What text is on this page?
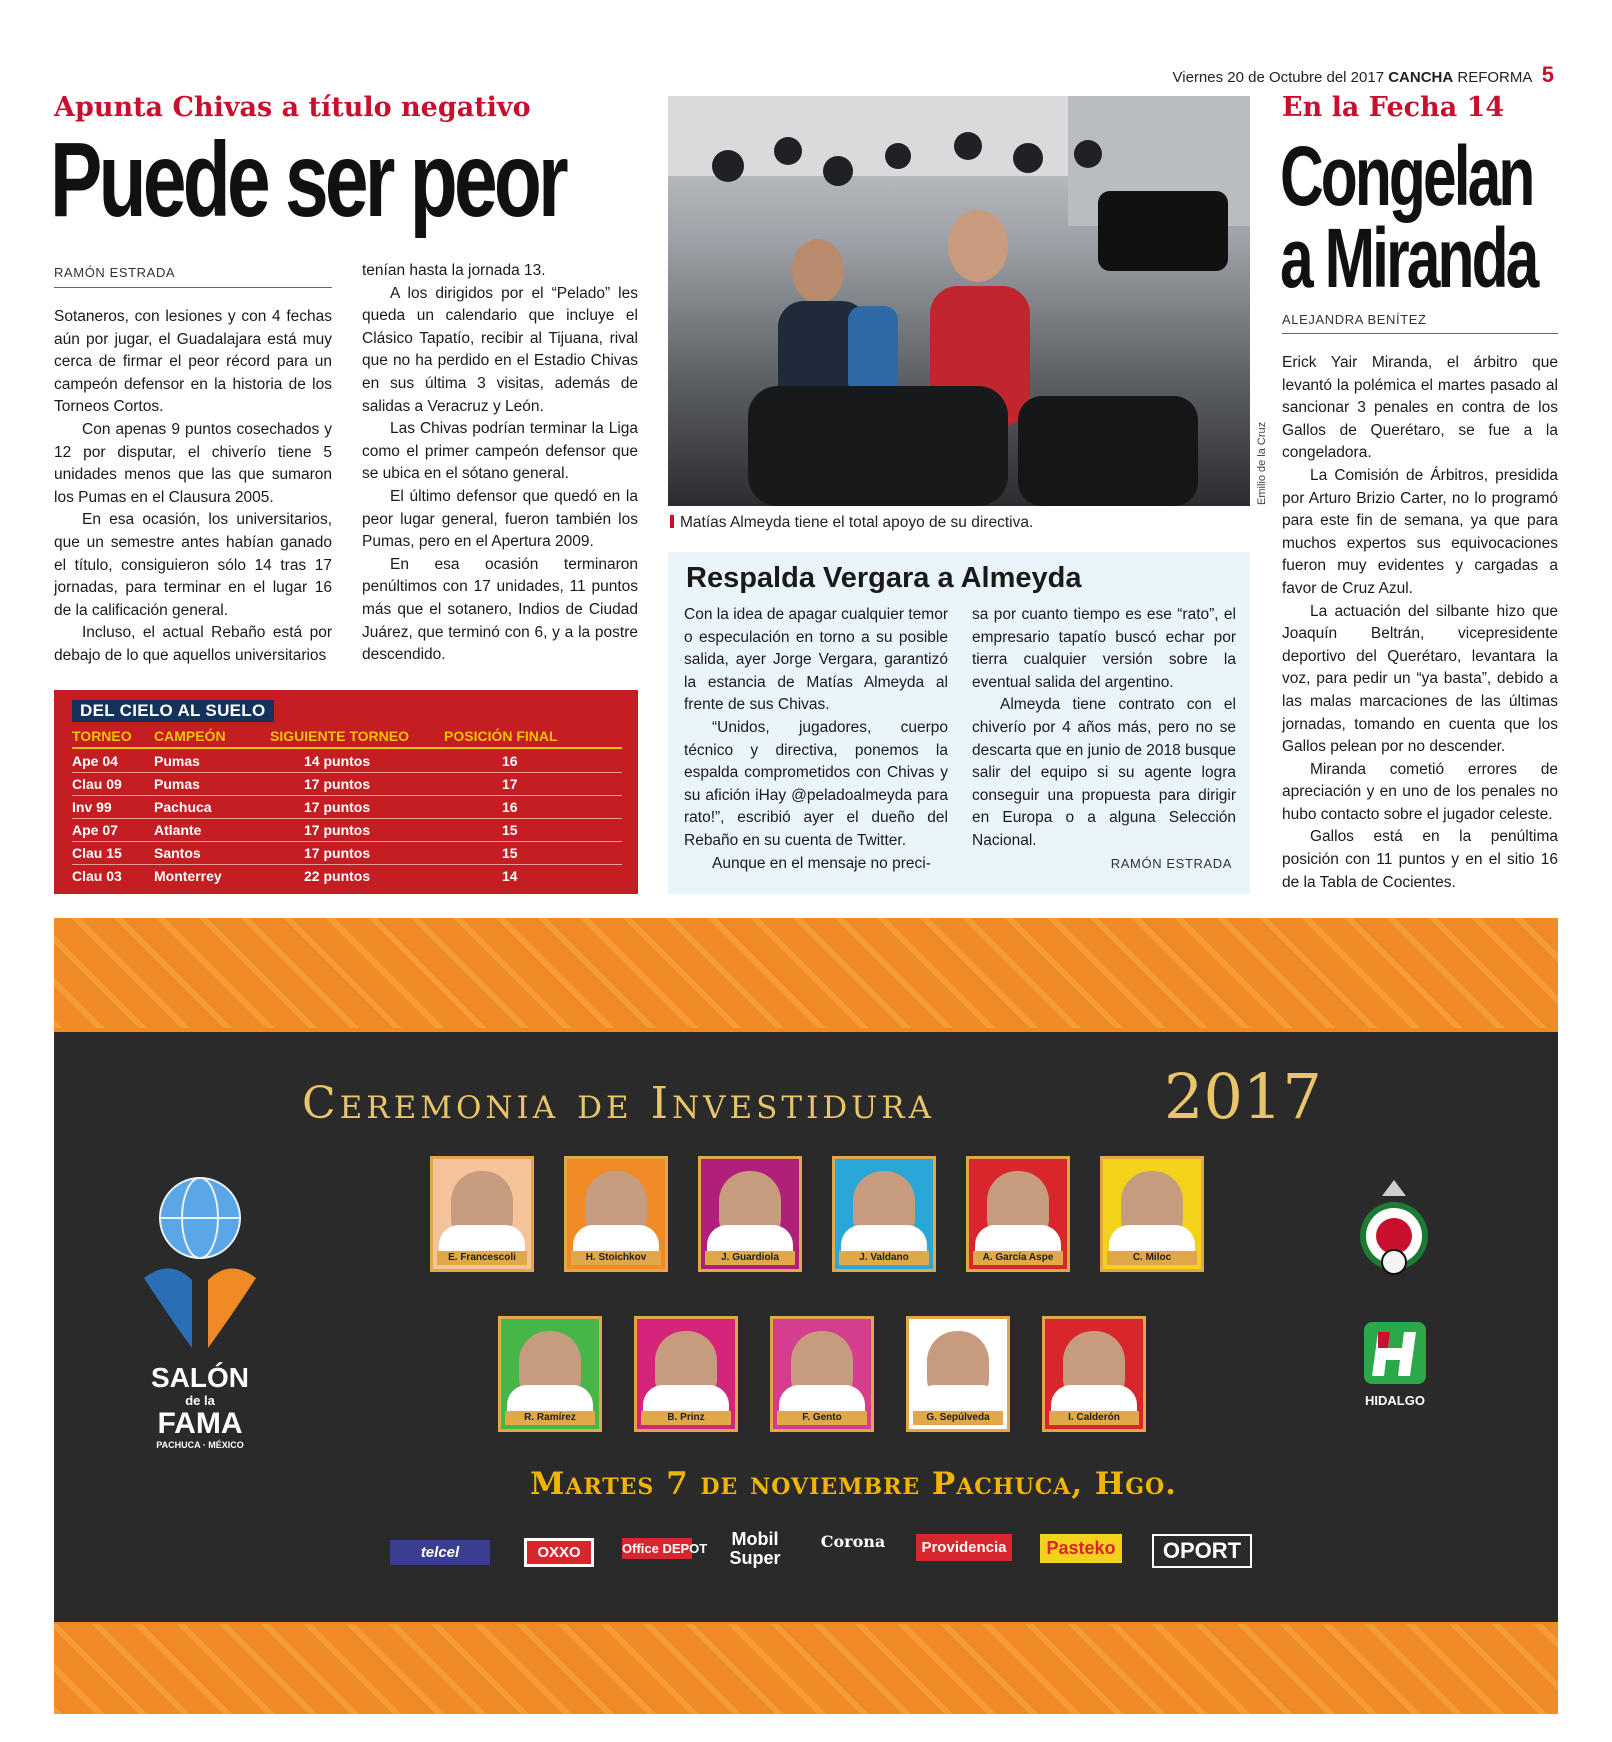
Viernes 20 de Octubre del 2017 CANCHA REFORMA 5
Apunta Chivas a título negativo
Puede ser peor
RAMÓN ESTRADA

Sotaneros, con lesiones y con 4 fechas aún por jugar, el Guadalajara está muy cerca de firmar el peor récord para un campeón defensor en la historia de los Torneos Cortos.

Con apenas 9 puntos cosechados y 12 por disputar, el chiverío tiene 5 unidades menos que las que sumaron los Pumas en el Clausura 2005.

En esa ocasión, los universitarios, que un semestre antes habían ganado el título, consiguieron sólo 14 tras 17 jornadas, para terminar en el lugar 16 de la calificación general.

Incluso, el actual Rebaño está por debajo de lo que aquellos universitarios

tenían hasta la jornada 13.

A los dirigidos por el “Pelado” les queda un calendario que incluye el Clásico Tapatío, recibir al Tijuana, rival que no ha perdido en el Estadio Chivas en sus última 3 visitas, además de salidas a Veracruz y León.

Las Chivas podrían terminar la Liga como el primer campeón defensor que se ubica en el sótano general.

El último defensor que quedó en la peor lugar general, fueron también los Pumas, pero en el Apertura 2009.

En esa ocasión terminaron penúltimos con 17 unidades, 11 puntos más que el sotanero, Indios de Ciudad Juárez, que terminó con 6, y a la postre descendido.

DEL CIELO AL SUELO
TORNEO CAMPEÓN	SIGUIENTE TORNEO	POSICIÓN FINAL
Ape 04	Pumas	14 puntos	16
Clau 09 Pumas	17 puntos	17
Inv 99	Pachuca	17 puntos	16
Ape 07	Atlante	17 puntos	15
Clau 15 Santos	17 puntos	15
Clau 03 Monterrey	22 puntos	14
Emilio de la Cruz
Matías Almeyda tiene el total apoyo de su directiva.
Respalda Vergara a Almeyda

Con la idea de apagar cualquier temor o especulación en torno a su posible salida, ayer Jorge Vergara, garantizó la estancia de Matías Almeyda al frente de sus Chivas.

“Unidos, jugadores, cuerpo técnico y directiva, ponemos la espalda comprometidos con Chivas y su afición iHay @peladoalmeyda para rato!”, escribió ayer el dueño del Rebaño en su cuenta de Twitter.

Aunque en el mensaje no preci-

sa por cuanto tiempo es ese “rato”, el empresario tapatío buscó echar por tierra cualquier versión sobre la eventual salida del argentino.

Almeyda tiene contrato con el chiverío por 4 años más, pero no se descarta que en junio de 2018 busque salir del equipo si su agente logra conseguir una propuesta para dirigir en Europa o a alguna Selección Nacional.

RAMÓN ESTRADA
En la Fecha 14
Congelan
a Miranda
ALEJANDRA BENÍTEZ

Erick Yair Miranda, el árbitro que levantó la polémica el martes pasado al sancionar 3 penales en contra de los Gallos de Querétaro, se fue a la congeladora.

La Comisión de Árbitros, presidida por Arturo Brizio Carter, no lo programó para este fin de semana, ya que para muchos expertos sus equivocaciones fueron muy evidentes y cargadas a favor de Cruz Azul.

La actuación del silbante hizo que Joaquín Beltrán, vicepresidente deportivo del Querétaro, levantara la voz, para pedir un “ya basta”, debido a las malas marcaciones de las últimas jornadas, tomando en cuenta que los Gallos pelean por no descender.

Miranda cometió errores de apreciación y en uno de los penales no hubo contacto sobre el jugador celeste.

Gallos está en la penúltima posición con 11 puntos y en el sitio 16 de la Tabla de Cocientes.

Ceremonia de Investidura	2017
SALÓN
de la
FAMA
PACHUCA · MÉXICO
E. Francescoli	H. Stoichkov	J. Guardiola	J. Valdano	A. García Aspe	C. Miloc
R. Ramírez	B. Prinz	F. Gento	G. Sepúlveda	I. Calderón
HIDALGO
Martes 7 de noviembre Pachuca, Hgo.
telcel	OXXO	Office DEPOT	Mobil Super
Corona	Providencia	Pasteko	OPORT
